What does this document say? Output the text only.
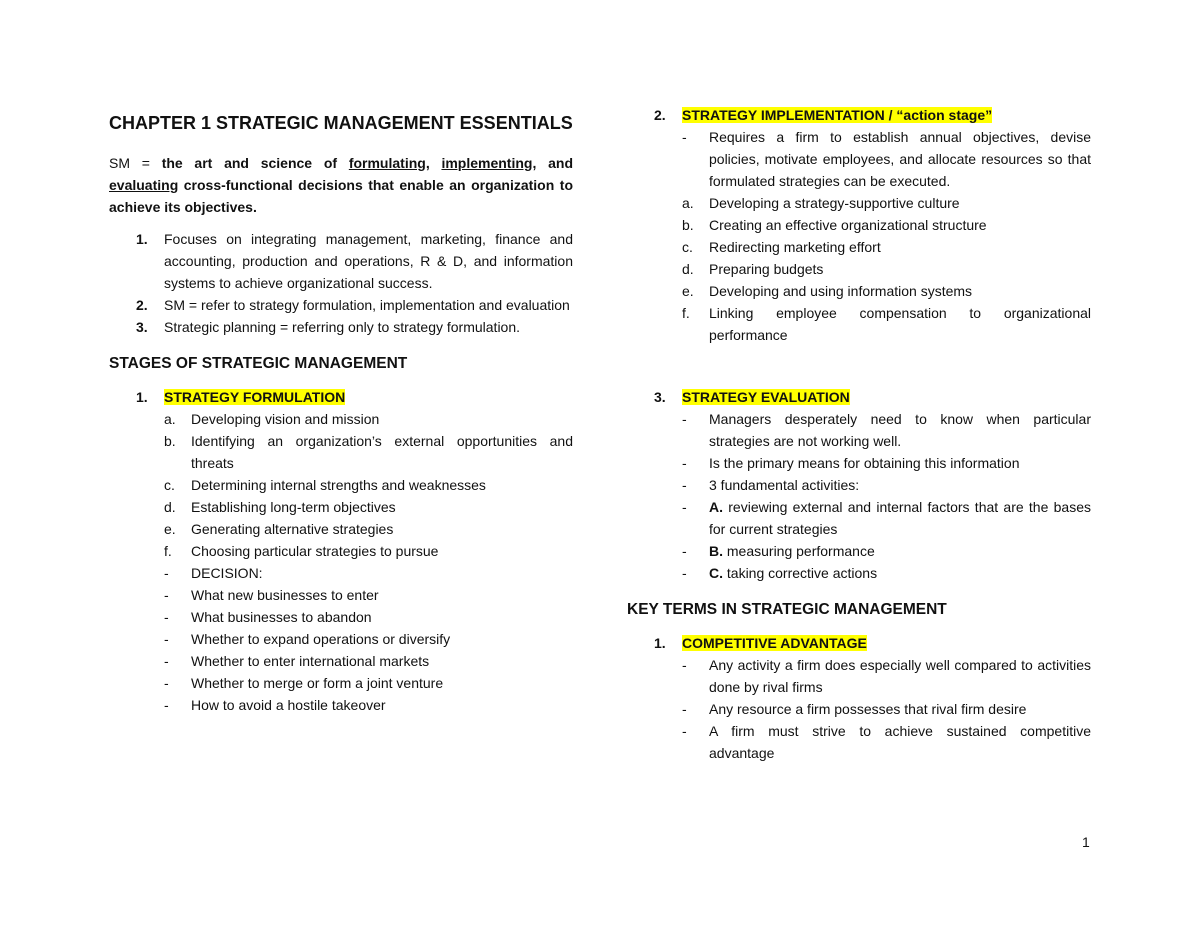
CHAPTER 1 STRATEGIC MANAGEMENT ESSENTIALS
SM = the art and science of formulating, implementing, and evaluating cross-functional decisions that enable an organization to achieve its objectives.
1.	Focuses on integrating management, marketing, finance and accounting, production and operations, R & D, and information systems to achieve organizational success.
2.	SM = refer to strategy formulation, implementation and evaluation
3.	Strategic planning = referring only to strategy formulation.
STAGES OF STRATEGIC MANAGEMENT
1.	STRATEGY FORMULATION
a.	Developing vision and mission
b.	Identifying an organization’s external opportunities and threats
c.	Determining internal strengths and weaknesses
d.	Establishing long-term objectives
e.	Generating alternative strategies
f.	Choosing particular strategies to pursue
-	DECISION:
-	What new businesses to enter
-	What businesses to abandon
-	Whether to expand operations or diversify
-	Whether to enter international markets
-	Whether to merge or form a joint venture
-	How to avoid a hostile takeover
2.	STRATEGY IMPLEMENTATION / “action stage”
-	Requires a firm to establish annual objectives, devise policies, motivate employees, and allocate resources so that formulated strategies can be executed.
a.	Developing a strategy-supportive culture
b.	Creating an effective organizational structure
c.	Redirecting marketing effort
d.	Preparing budgets
e.	Developing and using information systems
f.	Linking employee compensation to organizational performance
3.	STRATEGY EVALUATION
-	Managers desperately need to know when particular strategies are not working well.
-	Is the primary means for obtaining this information
-	3 fundamental activities:
-	A. reviewing external and internal factors that are the bases for current strategies
-	B. measuring performance
-	C. taking corrective actions
KEY TERMS IN STRATEGIC MANAGEMENT
1.	COMPETITIVE ADVANTAGE
-	Any activity a firm does especially well compared to activities done by rival firms
-	Any resource a firm possesses that rival firm desire
-	A firm must strive to achieve sustained competitive advantage
1
